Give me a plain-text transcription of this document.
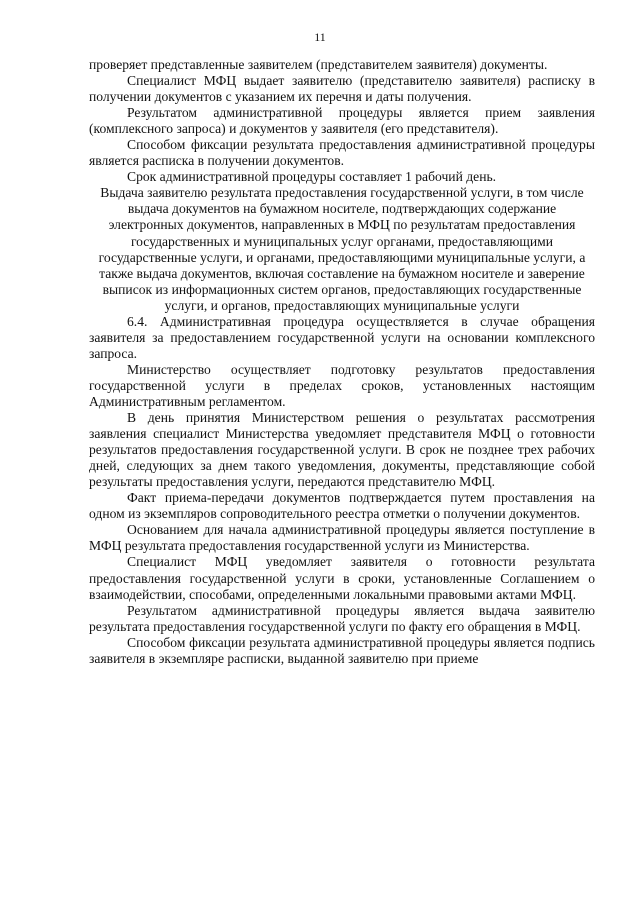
11

проверяет представленные заявителем (представителем заявителя) документы.

Специалист МФЦ выдает заявителю (представителю заявителя) расписку в получении документов с указанием их перечня и даты получения.

Результатом административной процедуры является прием заявления (комплексного запроса) и документов у заявителя (его представителя).

Способом фиксации результата предоставления административной процедуры является расписка в получении документов.

Срок административной процедуры составляет 1 рабочий день.

Выдача заявителю результата предоставления государственной услуги, в том числе выдача документов на бумажном носителе, подтверждающих содержание электронных документов, направленных в МФЦ по результатам предоставления государственных и муниципальных услуг органами, предоставляющими государственные услуги, и органами, предоставляющими муниципальные услуги, а также выдача документов, включая составление на бумажном носителе и заверение выписок из информационных систем органов, предоставляющих государственные услуги, и органов, предоставляющих муниципальные услуги

6.4. Административная процедура осуществляется в случае обращения заявителя за предоставлением государственной услуги на основании комплексного запроса.

Министерство осуществляет подготовку результатов предоставления государственной услуги в пределах сроков, установленных настоящим Административным регламентом.

В день принятия Министерством решения о результатах рассмотрения заявления специалист Министерства уведомляет представителя МФЦ о готовности результатов предоставления государственной услуги. В срок не позднее трех рабочих дней, следующих за днем такого уведомления, документы, представляющие собой результаты предоставления услуги, передаются представителю МФЦ.

Факт приема-передачи документов подтверждается путем проставления на одном из экземпляров сопроводительного реестра отметки о получении документов.

Основанием для начала административной процедуры является поступление в МФЦ результата предоставления государственной услуги из Министерства.

Специалист МФЦ уведомляет заявителя о готовности результата предоставления государственной услуги в сроки, установленные Соглашением о взаимодействии, способами, определенными локальными правовыми актами МФЦ.

Результатом административной процедуры является выдача заявителю результата предоставления государственной услуги по факту его обращения в МФЦ.

Способом фиксации результата административной процедуры является подпись заявителя в экземпляре расписки, выданной заявителю при приеме
